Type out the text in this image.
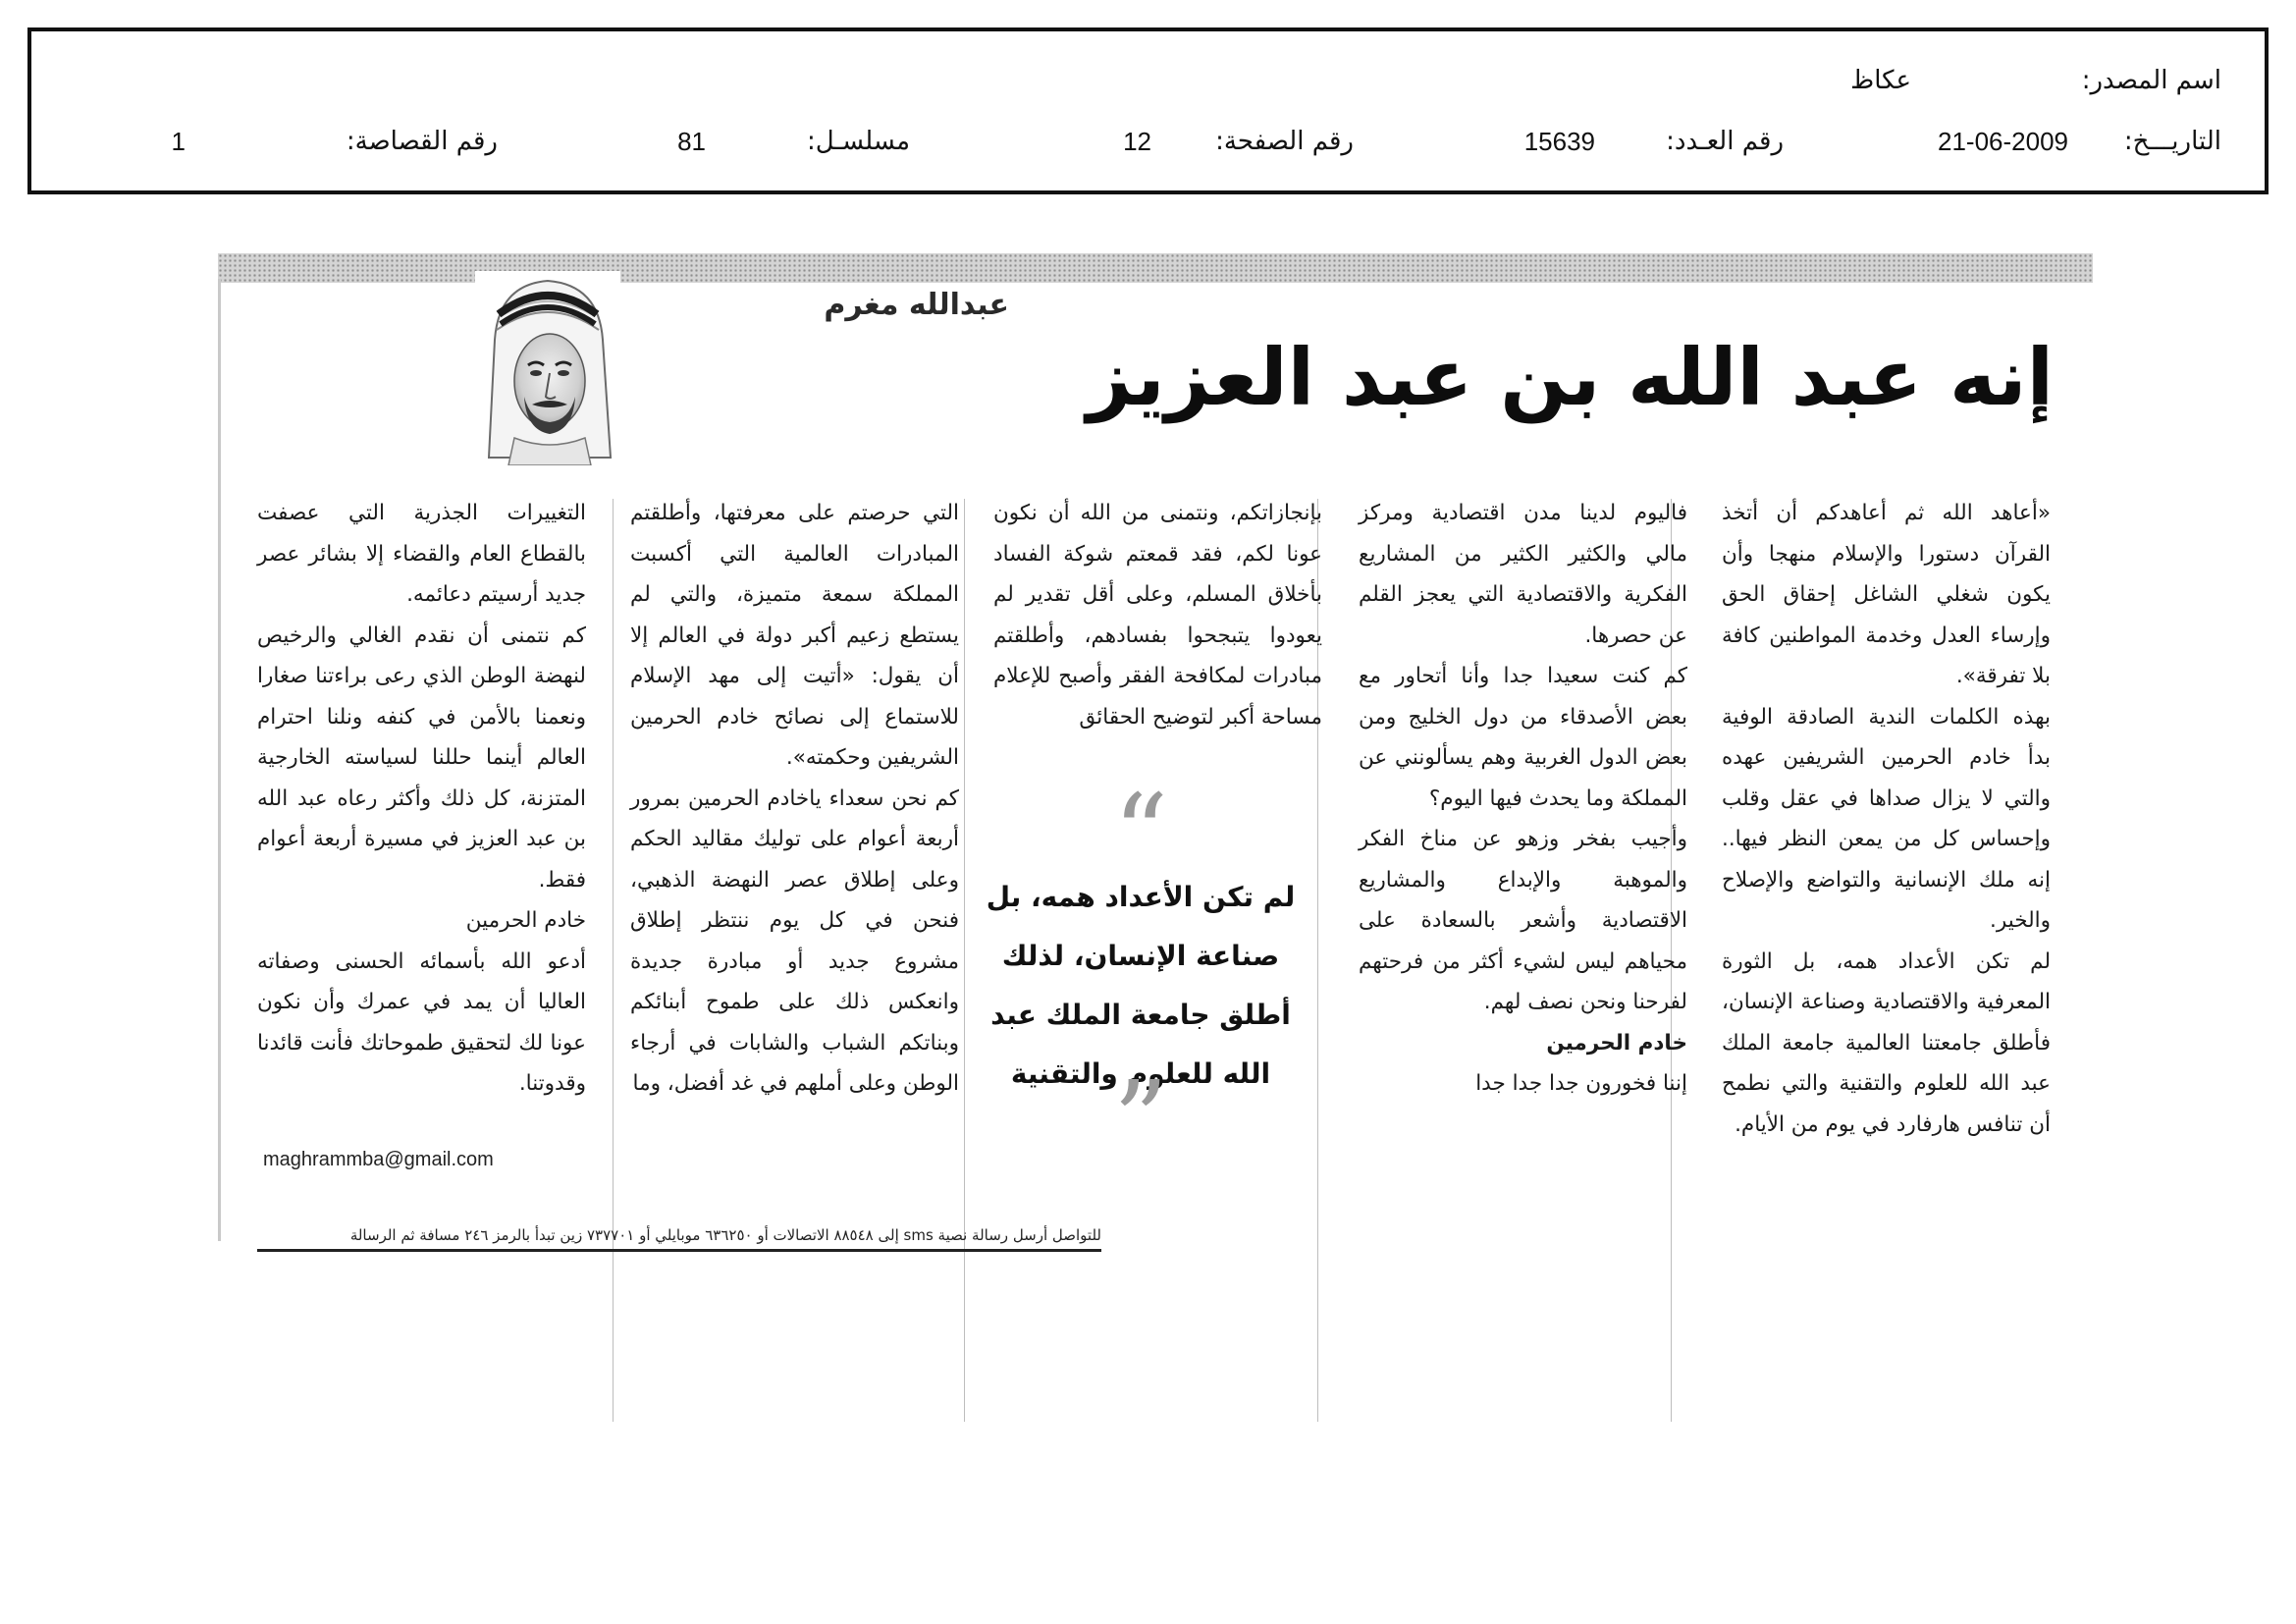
اسم المصدر:
عكاظ
التاريـــخ:
21-06-2009
رقم العـدد:
15639
رقم الصفحة:
12
مسلسـل:
81
رقم القصاصة:
1
إنه عبد الله بن عبد العزيز
عبدالله مغرم

«أعاهد الله ثم أعاهدكم أن أتخذ القرآن دستورا والإسلام منهجا وأن يكون شغلي الشاغل إحقاق الحق وإرساء العدل وخدمة المواطنين كافة بلا تفرقة».

بهذه الكلمات الندية الصادقة الوفية بدأ خادم الحرمين الشريفين عهده والتي لا يزال صداها في عقل وقلب وإحساس كل من يمعن النظر فيها.. إنه ملك الإنسانية والتواضع والإصلاح والخير.

لم تكن الأعداد همه، بل الثورة المعرفية والاقتصادية وصناعة الإنسان، فأطلق جامعتنا العالمية جامعة الملك عبد الله للعلوم والتقنية والتي نطمح أن تنافس هارفارد في يوم من الأيام.

فاليوم لدينا مدن اقتصادية ومركز مالي والكثير الكثير من المشاريع الفكرية والاقتصادية التي يعجز القلم عن حصرها.

كم كنت سعيدا جدا وأنا أتحاور مع بعض الأصدقاء من دول الخليج ومن بعض الدول الغربية وهم يسألونني عن المملكة وما يحدث فيها اليوم؟

وأجيب بفخر وزهو عن مناخ الفكر والموهبة والإبداع والمشاريع الاقتصادية وأشعر بالسعادة على محياهم ليس لشيء أكثر من فرحتهم لفرحنا ونحن نصف لهم.

خادم الحرمين

إننا فخورون جدا جدا جدا

بإنجازاتكم، ونتمنى من الله أن نكون عونا لكم، فقد قمعتم شوكة الفساد بأخلاق المسلم، وعلى أقل تقدير لم يعودوا يتبجحوا بفسادهم، وأطلقتم مبادرات لمكافحة الفقر وأصبح للإعلام مساحة أكبر لتوضيح الحقائق

“
لم تكن الأعداد همه، بل صناعة الإنسان، لذلك أطلق جامعة الملك عبد الله للعلوم والتقنية
”

التي حرصتم على معرفتها، وأطلقتم المبادرات العالمية التي أكسبت المملكة سمعة متميزة، والتي لم يستطع زعيم أكبر دولة في العالم إلا أن يقول: «أتيت إلى مهد الإسلام للاستماع إلى نصائح خادم الحرمين الشريفين وحكمته».

كم نحن سعداء ياخادم الحرمين بمرور أربعة أعوام على توليك مقاليد الحكم وعلى إطلاق عصر النهضة الذهبي، فنحن في كل يوم ننتظر إطلاق مشروع جديد أو مبادرة جديدة وانعكس ذلك على طموح أبنائكم وبناتكم الشباب والشابات في أرجاء الوطن وعلى أملهم في غد أفضل، وما

التغييرات الجذرية التي عصفت بالقطاع العام والقضاء إلا بشائر عصر جديد أرسيتم دعائمه.

كم نتمنى أن نقدم الغالي والرخيص لنهضة الوطن الذي رعى براءتنا صغارا ونعمنا بالأمن في كنفه ونلنا احترام العالم أينما حللنا لسياسته الخارجية المتزنة، كل ذلك وأكثر رعاه عبد الله بن عبد العزيز في مسيرة أربعة أعوام فقط.

خادم الحرمين

أدعو الله بأسمائه الحسنى وصفاته العاليا أن يمد في عمرك وأن نكون عونا لك لتحقيق طموحاتك فأنت قائدنا وقدوتنا.

maghrammba@gmail.com
للتواصل أرسل رسالة نصية sms إلى ٨٨٥٤٨ الاتصالات أو ٦٣٦٢٥٠ موبايلي أو ٧٣٧٧٠١ زين تبدأ بالرمز ٢٤٦ مسافة ثم الرسالة
